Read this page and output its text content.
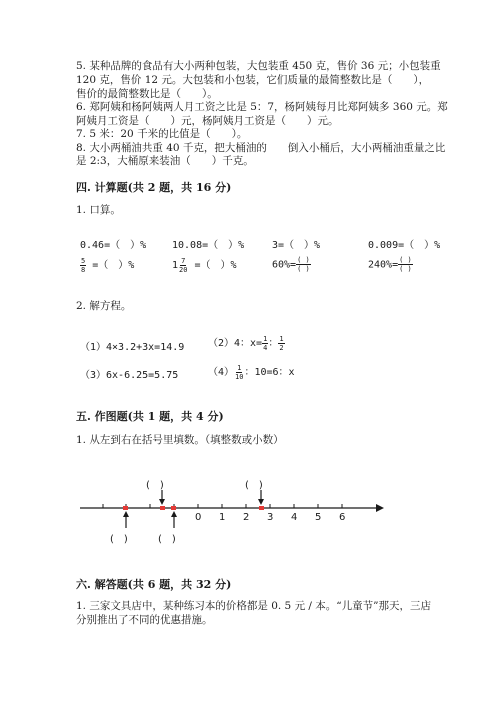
5. 某种品牌的食品有大小两种包装，大包装重 450 克，售价 36 元；小包装重
120 克，售价 12 元。大包装和小包装，它们质量的最简整数比是（　　），
售价的最简整数比是（　　）。
6. 郑阿姨和杨阿姨两人月工资之比是 5：7，杨阿姨每月比郑阿姨多 360 元。郑
阿姨月工资是（　　）元，杨阿姨月工资是（　　）元。
7. 5 米：20 千米的比值是（　　）。
8. 大小两桶油共重 40 千克，把大桶油的　　倒入小桶后，大小两桶油重量之比
是 2:3，大桶原来装油（　　）千克。
四. 计算题(共 2 题，共 16 分)
1. 口算。
0.46=（　）%	10.08=（　）%	3=（　）%	0.009=（　）%
$\frac{5}{8}$ =（　）%	$1 \frac{7}{20}$ =（　）%	$60\%= \frac{( )}{( )}$	$240\%= \frac{( )}{( )}$
2. 解方程。
（1）4×3.2+3x=14.9 （2）4：$x= \frac{1}{4}$ ： $\frac{1}{2}$
（3）6x-6.25=5.75	$(4) \frac{1}{10}$ ：10=6：x
五. 作图题(共 1 题，共 4 分)
1. 从左到右在括号里填数。（填整数或小数）
0 1 2 3 4 5 6
(　)	(　)
(　)	(　)
六. 解答题(共 6 题，共 32 分)
1. 三家文具店中，某种练习本的价格都是 0. 5 元 / 本。“儿童节”那天，三店
分别推出了不同的优惠措施。
